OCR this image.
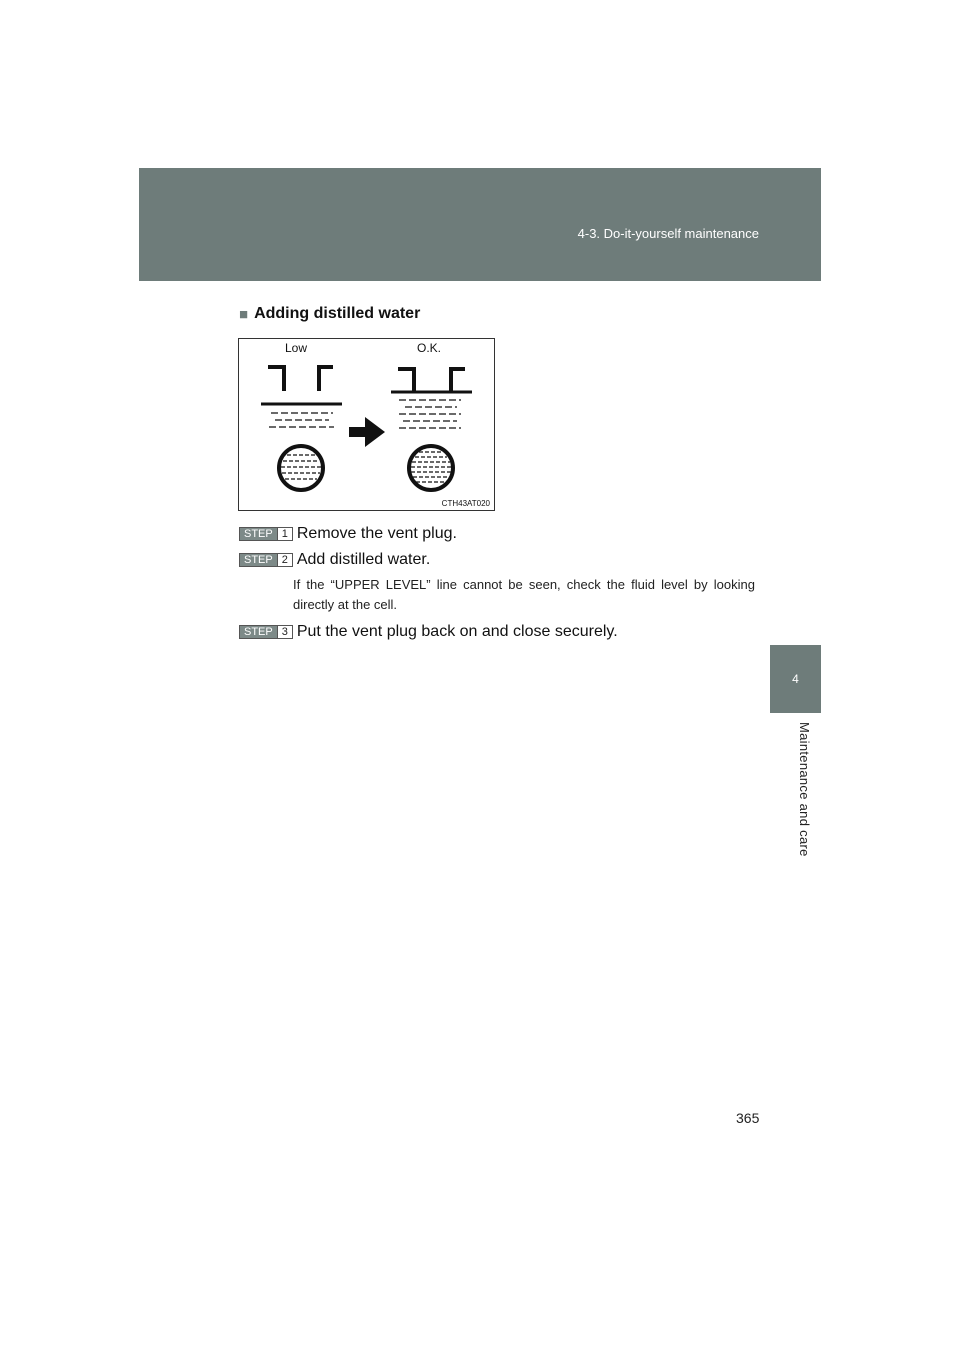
4-3. Do-it-yourself maintenance
4
Maintenance and care
■ Adding distilled water
Low	O.K.
CTH43AT020
STEP 1 Remove the vent plug.
STEP 2 Add distilled water.
If the “UPPER LEVEL” line cannot be seen, check the fluid level by looking directly at the cell.
STEP 3 Put the vent plug back on and close securely.
365
